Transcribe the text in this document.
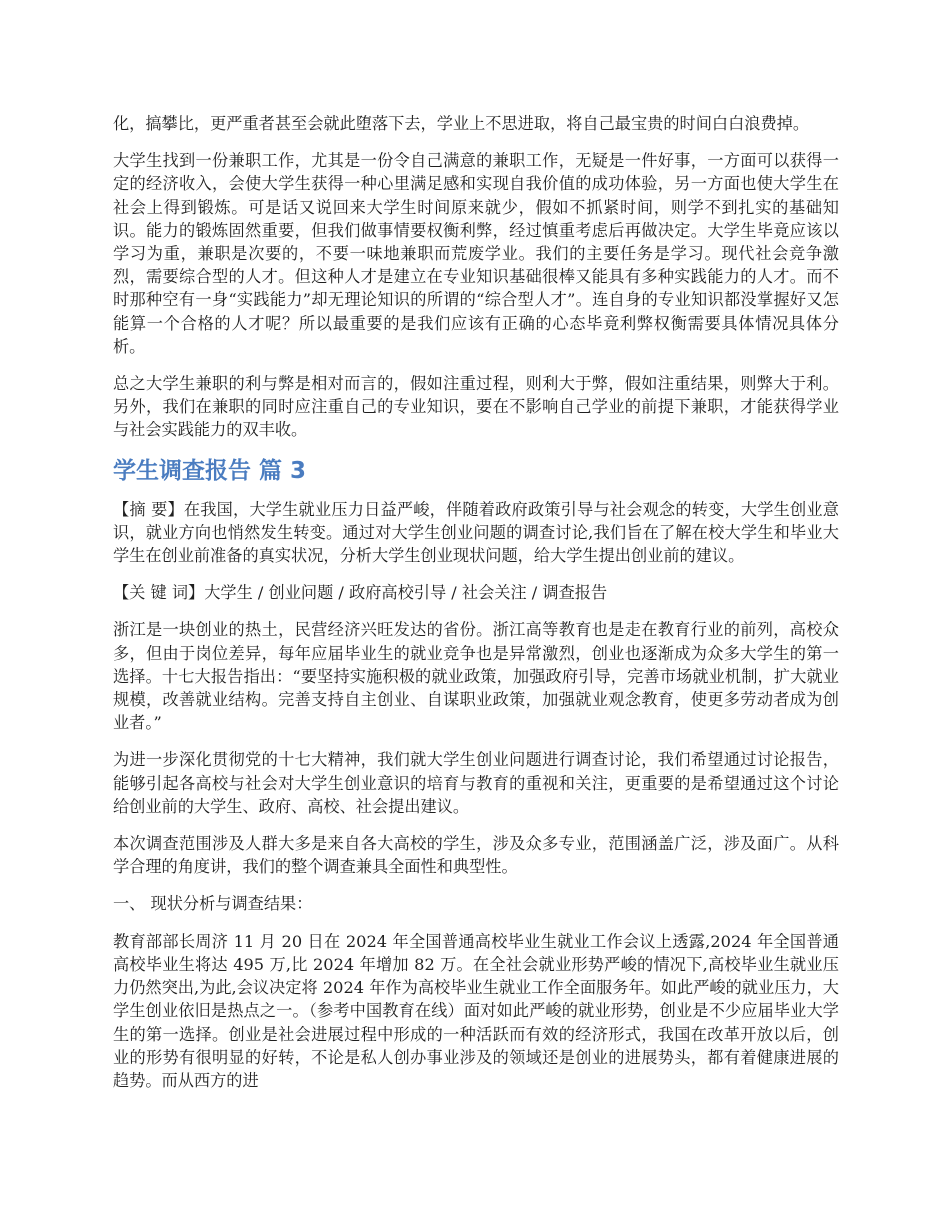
化，搞攀比，更严重者甚至会就此堕落下去，学业上不思进取，将自己最宝贵的时间白白浪费掉。

大学生找到一份兼职工作，尤其是一份令自己满意的兼职工作，无疑是一件好事，一方面可以获得一定的经济收入，会使大学生获得一种心里满足感和实现自我价值的成功体验，另一方面也使大学生在社会上得到锻炼。可是话又说回来大学生时间原来就少，假如不抓紧时间，则学不到扎实的基础知识。能力的锻炼固然重要，但我们做事情要权衡利弊，经过慎重考虑后再做决定。大学生毕竟应该以学习为重，兼职是次要的，不要一味地兼职而荒废学业。我们的主要任务是学习。现代社会竞争激烈，需要综合型的人才。但这种人才是建立在专业知识基础很棒又能具有多种实践能力的人才。而不时那种空有一身“实践能力”却无理论知识的所谓的“综合型人才”。连自身的专业知识都没掌握好又怎能算一个合格的人才呢？所以最重要的是我们应该有正确的心态毕竟利弊权衡需要具体情况具体分析。

总之大学生兼职的利与弊是相对而言的，假如注重过程，则利大于弊，假如注重结果，则弊大于利。另外，我们在兼职的同时应注重自己的专业知识，要在不影响自己学业的前提下兼职，才能获得学业与社会实践能力的双丰收。

学生调查报告 篇 3

【摘 要】在我国，大学生就业压力日益严峻，伴随着政府政策引导与社会观念的转变，大学生创业意识，就业方向也悄然发生转变。通过对大学生创业问题的调查讨论,我们旨在了解在校大学生和毕业大学生在创业前准备的真实状况，分析大学生创业现状问题，给大学生提出创业前的建议。

【关 键 词】大学生 / 创业问题 / 政府高校引导 / 社会关注 / 调查报告

浙江是一块创业的热土，民营经济兴旺发达的省份。浙江高等教育也是走在教育行业的前列，高校众多，但由于岗位差异，每年应届毕业生的就业竞争也是异常激烈，创业也逐渐成为众多大学生的第一选择。十七大报告指出：“要坚持实施积极的就业政策，加强政府引导，完善市场就业机制，扩大就业规模，改善就业结构。完善支持自主创业、自谋职业政策，加强就业观念教育，使更多劳动者成为创业者。”

为进一步深化贯彻党的十七大精神，我们就大学生创业问题进行调查讨论，我们希望通过讨论报告，能够引起各高校与社会对大学生创业意识的培育与教育的重视和关注，更重要的是希望通过这个讨论给创业前的大学生、政府、高校、社会提出建议。

本次调查范围涉及人群大多是来自各大高校的学生，涉及众多专业，范围涵盖广泛，涉及面广。从科学合理的角度讲，我们的整个调查兼具全面性和典型性。

一、 现状分析与调查结果：

教育部部长周济 11 月 20 日在 2024 年全国普通高校毕业生就业工作会议上透露,2024 年全国普通高校毕业生将达 495 万,比 2024 年增加 82 万。在全社会就业形势严峻的情况下,高校毕业生就业压力仍然突出,为此,会议决定将 2024 年作为高校毕业生就业工作全面服务年。如此严峻的就业压力，大学生创业依旧是热点之一。（参考中国教育在线）面对如此严峻的就业形势，创业是不少应届毕业大学生的第一选择。创业是社会进展过程中形成的一种活跃而有效的经济形式，我国在改革开放以后，创业的形势有很明显的好转，不论是私人创办事业涉及的领域还是创业的进展势头，都有着健康进展的趋势。而从西方的进
